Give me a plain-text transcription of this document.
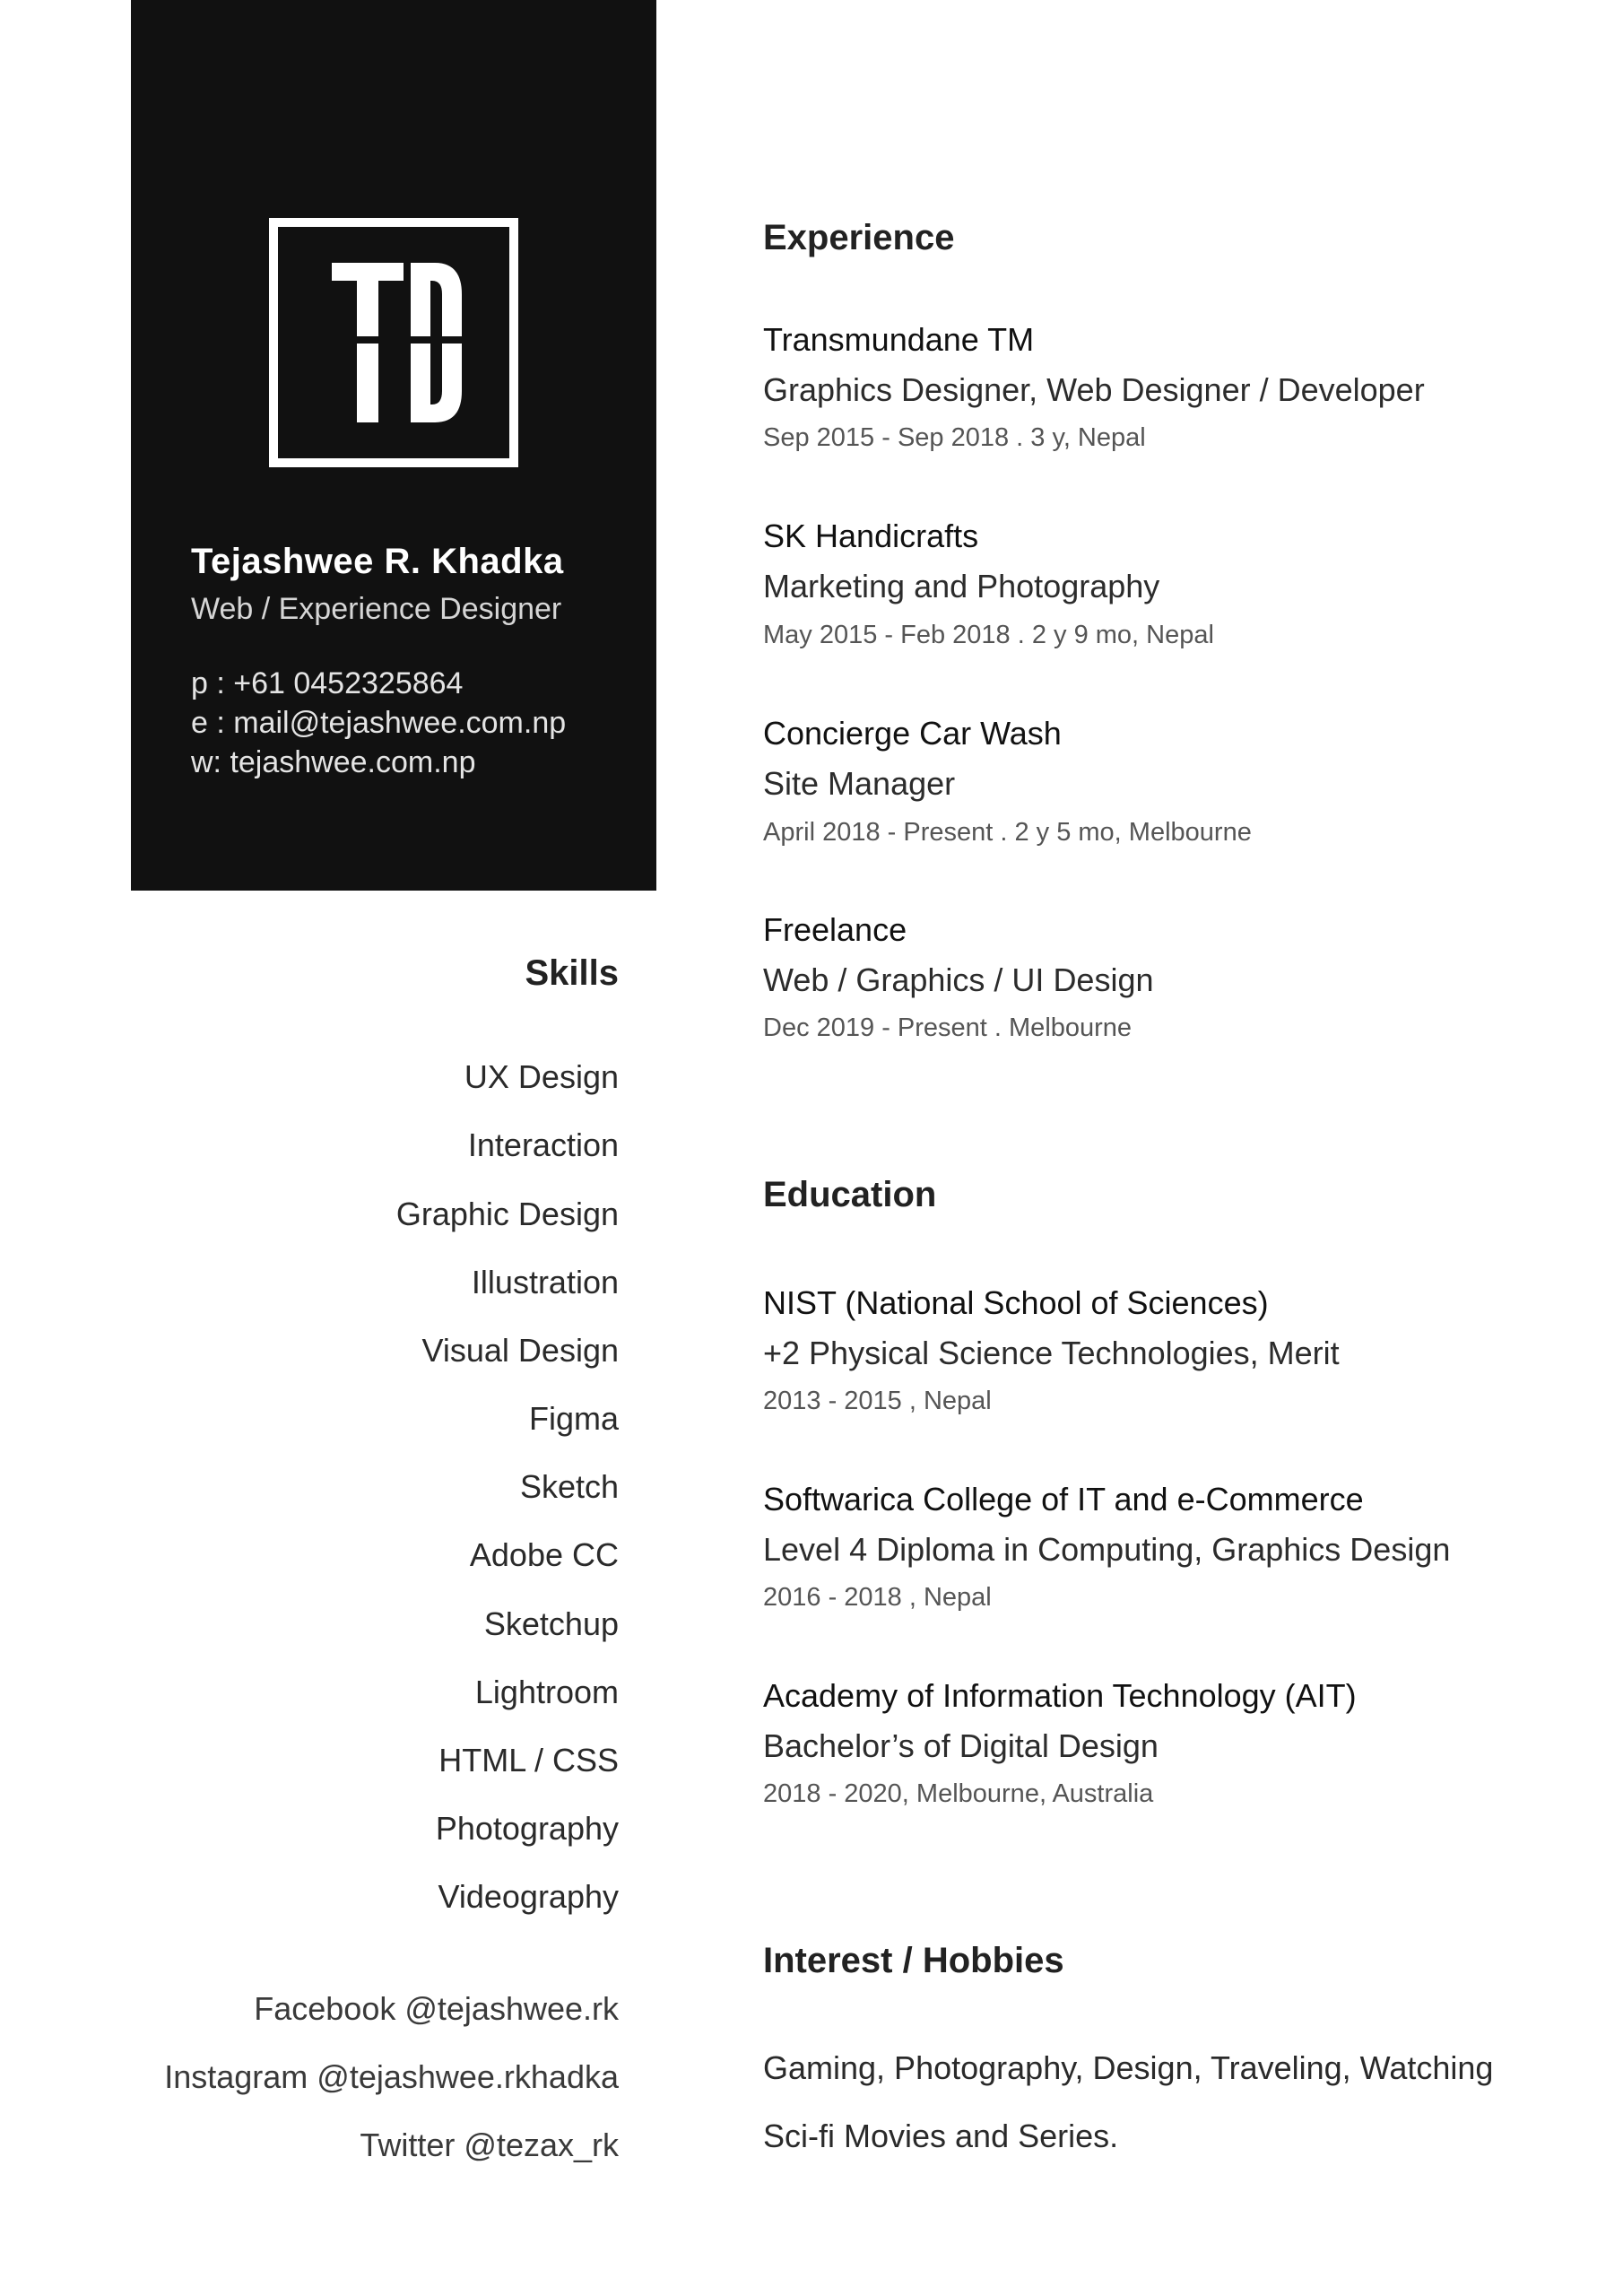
Tejashwee R. Khadka
Web / Experience Designer
p : +61 0452325864
e : mail@tejashwee.com.np
w: tejashwee.com.np
Skills
UX Design
Interaction
Graphic Design
Illustration
Visual Design
Figma
Sketch
Adobe CC
Sketchup
Lightroom
HTML / CSS
Photography
Videography
Facebook @tejashwee.rk
Instagram @tejashwee.rkhadka
Twitter @tezax_rk
Experience
Transmundane TM
Graphics Designer, Web Designer / Developer
Sep 2015 - Sep 2018 . 3 y, Nepal
SK Handicrafts
Marketing and Photography
May 2015 - Feb 2018 . 2 y 9 mo, Nepal
Concierge Car Wash
Site Manager
April 2018 - Present . 2 y 5 mo, Melbourne
Freelance
Web / Graphics / UI Design
Dec 2019 - Present . Melbourne
Education
NIST (National School of Sciences)
+2 Physical Science Technologies, Merit
2013 - 2015 , Nepal
Softwarica College of IT and e-Commerce
Level 4 Diploma in Computing, Graphics Design
2016 - 2018 , Nepal
Academy of Information Technology (AIT)
Bachelor’s of Digital Design
2018 - 2020, Melbourne, Australia
Interest / Hobbies
Gaming, Photography, Design, Traveling, Watching
Sci-fi Movies and Series.
